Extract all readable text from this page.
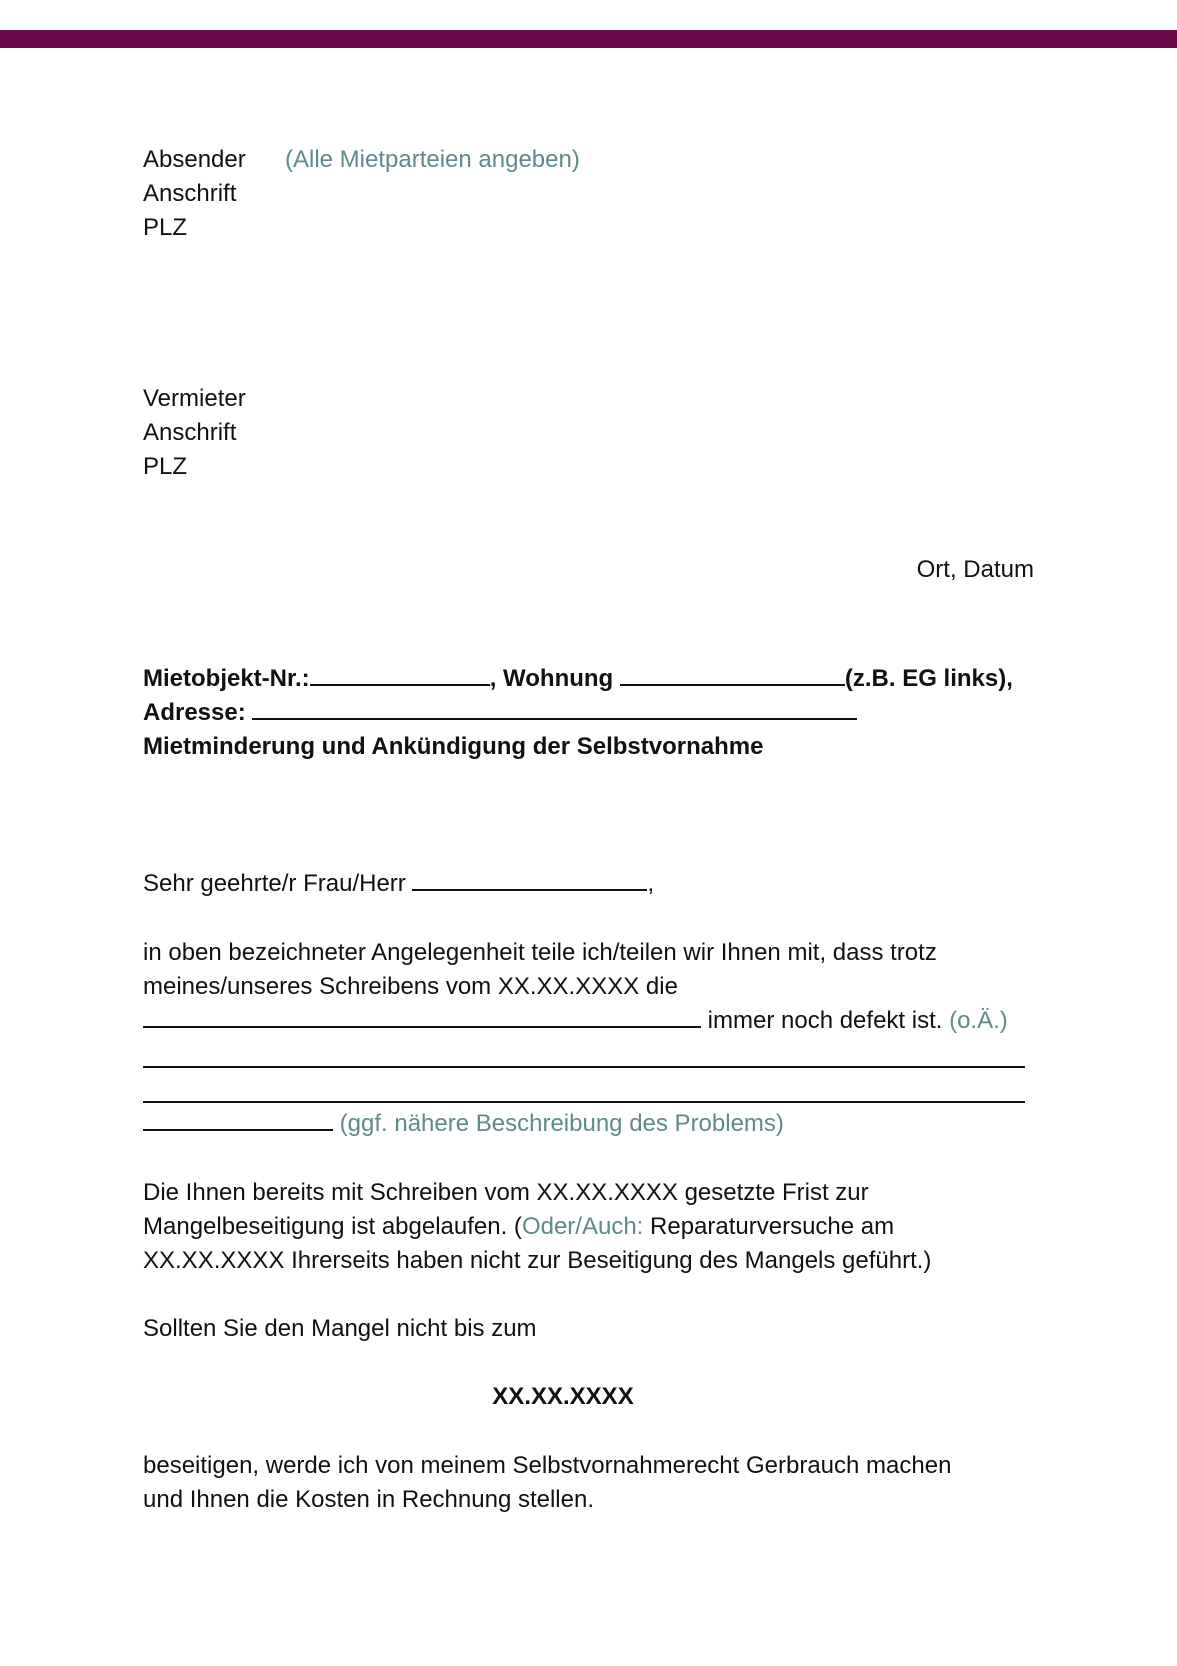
Absender (Alle Mietparteien angeben)
Anschrift
PLZ
Vermieter
Anschrift
PLZ
Ort, Datum
Mietobjekt-Nr.:	, Wohnung	(z.B. EG links),
Adresse:
Mietminderung und Ankündigung der Selbstvornahme
Sehr geehrte/r Frau/Herr	,
in oben bezeichneter Angelegenheit teile ich/teilen wir Ihnen mit, dass trotz
meines/unseres Schreibens vom XX.XX.XXXX die
immer noch defekt ist. (o.Ä.)
(ggf. nähere Beschreibung des Problems)
Die Ihnen bereits mit Schreiben vom XX.XX.XXXX gesetzte Frist zur
Mangelbeseitigung ist abgelaufen. (Oder/Auch: Reparaturversuche am
XX.XX.XXXX Ihrerseits haben nicht zur Beseitigung des Mangels geführt.)
Sollten Sie den Mangel nicht bis zum
XX.XX.XXXX
beseitigen, werde ich von meinem Selbstvornahmerecht Gerbrauch machen
und Ihnen die Kosten in Rechnung stellen.
